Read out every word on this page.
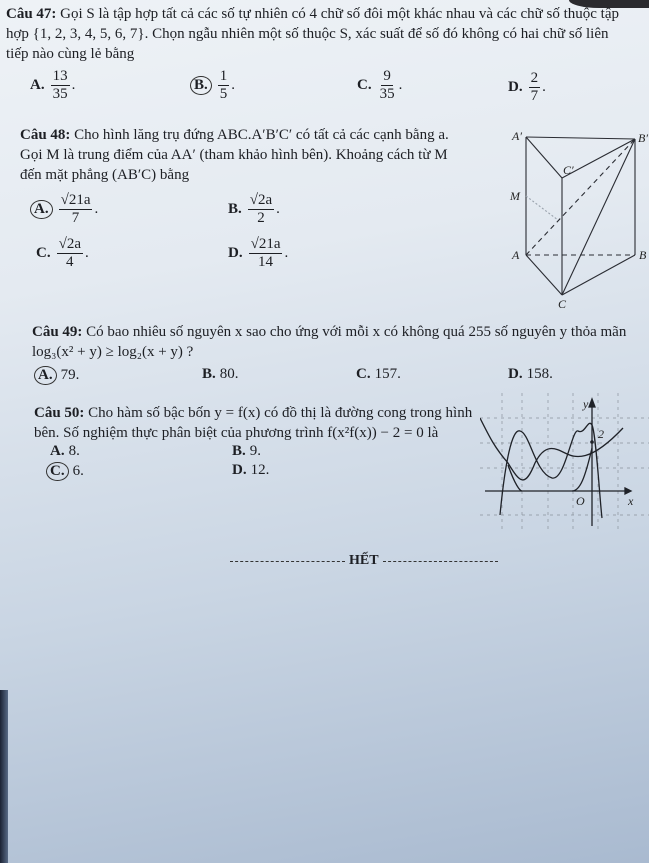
Câu 47: Gọi S là tập hợp tất cả các số tự nhiên có 4 chữ số đôi một khác nhau và các chữ số thuộc tập
hợp {1, 2, 3, 4, 5, 6, 7}. Chọn ngẫu nhiên một số thuộc S, xác suất để số đó không có hai chữ số liên
tiếp nào cùng lẻ bằng
A. $\frac{13}{35}$ .	B. $\frac{1}{5}$ .	C. $\frac{9}{35}$ .	D. $\frac{2}{7}$ .
Câu 48: Cho hình lăng trụ đứng ABC.A′B′C′ có tất cả các cạnh bằng a.
Gọi M là trung điểm của AA′ (tham khảo hình bên). Khoảng cách từ M
đến mặt phẳng (AB′C) bằng
A. $\frac{√21a}{7}$ .	B. $\frac{√2a}{2}$ .
C. $\frac{√2a}{4}$ .	D. $\frac{√21a}{14}$ .
A′	B′
C′
M
A	B
C
Câu 49: Có bao nhiêu số nguyên x sao cho ứng với mỗi x có không quá 255 số nguyên y thỏa mãn
log₃(x² + y) ≥ log₂(x + y) ?
A. 79.	B. 80.	C. 157.	D. 158.
Câu 50: Cho hàm số bậc bốn y = f(x) có đồ thị là đường cong trong hình
bên. Số nghiệm thực phân biệt của phương trình f(x²f(x)) − 2 = 0 là
A. 8.	B. 9.
C. 6.	D. 12.
2
y
x
O
HẾT
